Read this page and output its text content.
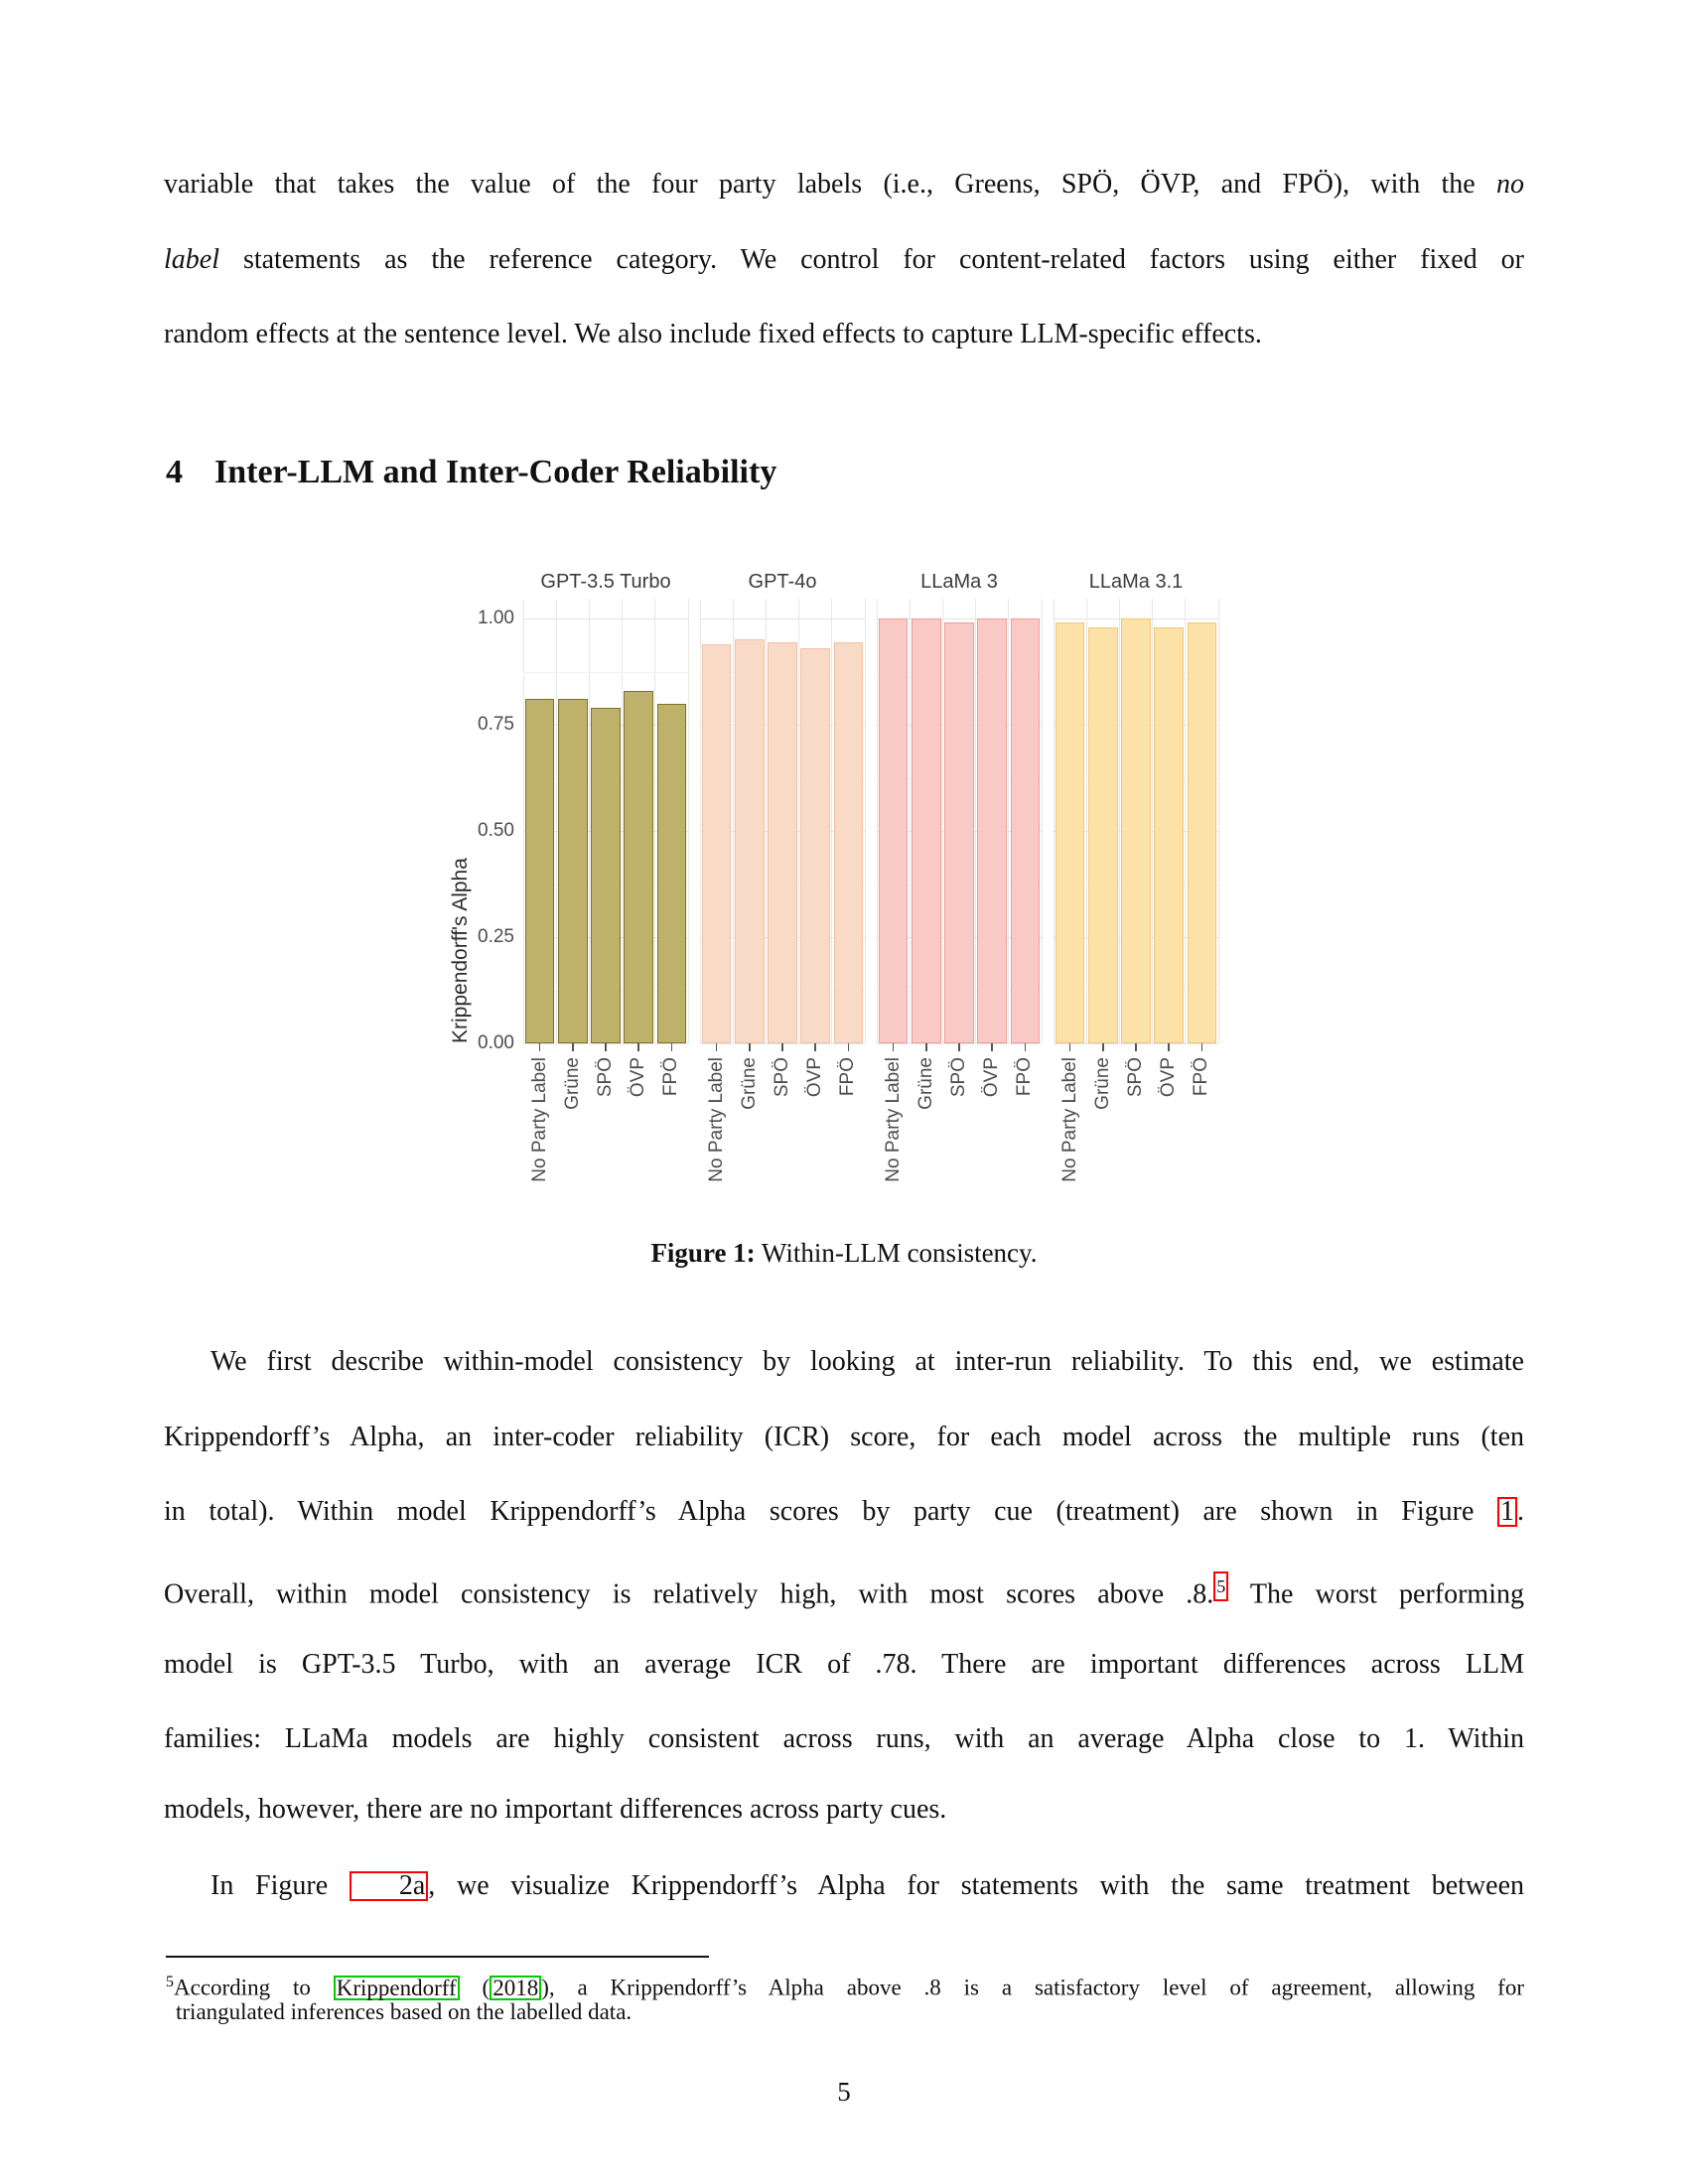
variable that takes the value of the four party labels (i.e., Greens, SPÖ, ÖVP, and FPÖ), with the no
label statements as the reference category. We control for content-related factors using either fixed or
random effects at the sentence level. We also include fixed effects to capture LLM-specific effects.
4 Inter-LLM and Inter-Coder Reliability
Krippendorff's Alpha 0.00
0.25
0.50
0.75
1.00
GPT-3.5 Turbo
No Party Label Grüne SPÖ ÖVP FPÖ
GPT-4o
No Party Label Grüne SPÖ ÖVP FPÖ
LLaMa 3
No Party Label Grüne SPÖ ÖVP FPÖ
LLaMa 3.1
No Party Label Grüne SPÖ ÖVP FPÖ
Figure 1: Within-LLM consistency.
We first describe within-model consistency by looking at inter-run reliability. To this end, we estimate
Krippendorff’s Alpha, an inter-coder reliability (ICR) score, for each model across the multiple runs (ten
in total). Within model Krippendorff’s Alpha scores by party cue (treatment) are shown in Figure 1 .
Overall, within model consistency is relatively high, with most scores above .8. $^5$ The worst performing
model is GPT-3.5 Turbo, with an average ICR of .78. There are important differences across LLM
families: LLaMa models are highly consistent across runs, with an average Alpha close to 1. Within
models, however, there are no important differences across party cues.
In Figure 2a , we visualize Krippendorff’s Alpha for statements with the same treatment between
$^5$According to Krippendorff ( 2018 ), a Krippendorff’s Alpha above .8 is a satisfactory level of agreement, allowing for
triangulated inferences based on the labelled data.
5
